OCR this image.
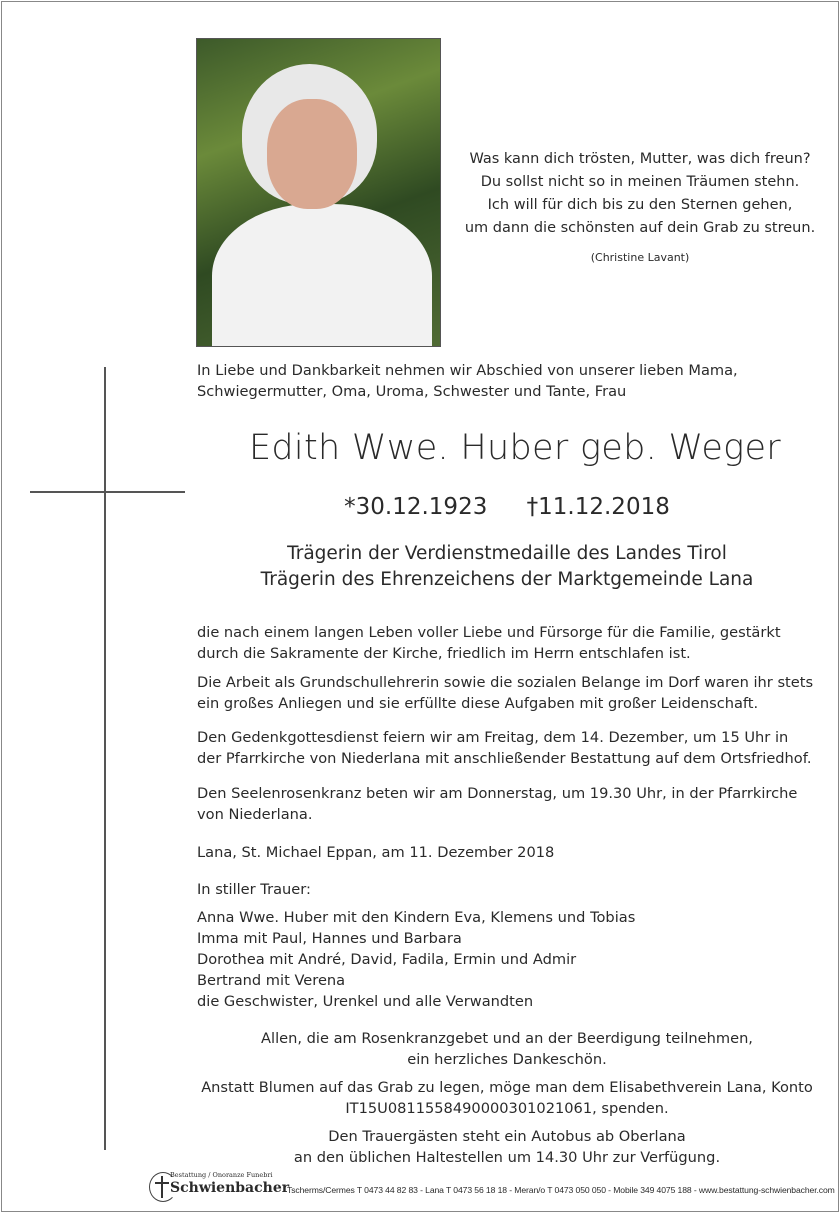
Was kann dich trösten, Mutter, was dich freun?
Du sollst nicht so in meinen Träumen stehn.
Ich will für dich bis zu den Sternen gehen,
um dann die schönsten auf dein Grab zu streun.
(Christine Lavant)
In Liebe und Dankbarkeit nehmen wir Abschied von unserer lieben Mama,
Schwiegermutter, Oma, Uroma, Schwester und Tante, Frau
Edith Wwe. Huber geb. Weger
*30.12.1923 †11.12.2018
Trägerin der Verdienstmedaille des Landes Tirol
Trägerin des Ehrenzeichens der Marktgemeinde Lana
die nach einem langen Leben voller Liebe und Fürsorge für die Familie, gestärkt durch die Sakramente der Kirche, friedlich im Herrn entschlafen ist.
Die Arbeit als Grundschullehrerin sowie die sozialen Belange im Dorf waren ihr stets ein großes Anliegen und sie erfüllte diese Aufgaben mit großer Leidenschaft.
Den Gedenkgottesdienst feiern wir am Freitag, dem 14. Dezember, um 15 Uhr in der Pfarrkirche von Niederlana mit anschließender Bestattung auf dem Ortsfriedhof.
Den Seelenrosenkranz beten wir am Donnerstag, um 19.30 Uhr, in der Pfarrkirche von Niederlana.
Lana, St. Michael Eppan, am 11. Dezember 2018
In stiller Trauer:
Anna Wwe. Huber mit den Kindern Eva, Klemens und Tobias
Imma mit Paul, Hannes und Barbara
Dorothea mit André, David, Fadila, Ermin und Admir
Bertrand mit Verena
die Geschwister, Urenkel und alle Verwandten
Allen, die am Rosenkranzgebet und an der Beerdigung teilnehmen,
ein herzliches Dankeschön.
Anstatt Blumen auf das Grab zu legen, möge man dem Elisabethverein Lana, Konto
IT15U0811558490000301021061, spenden.
Den Trauergästen steht ein Autobus ab Oberlana
an den üblichen Haltestellen um 14.30 Uhr zur Verfügung.
Bestattung / Onoranze Funebri
Schwienbacher
Tscherms/Cermes T 0473 44 82 83 - Lana T 0473 56 18 18 - Meran/o T 0473 050 050 - Mobile 349 4075 188 - www.bestattung-schwienbacher.com
